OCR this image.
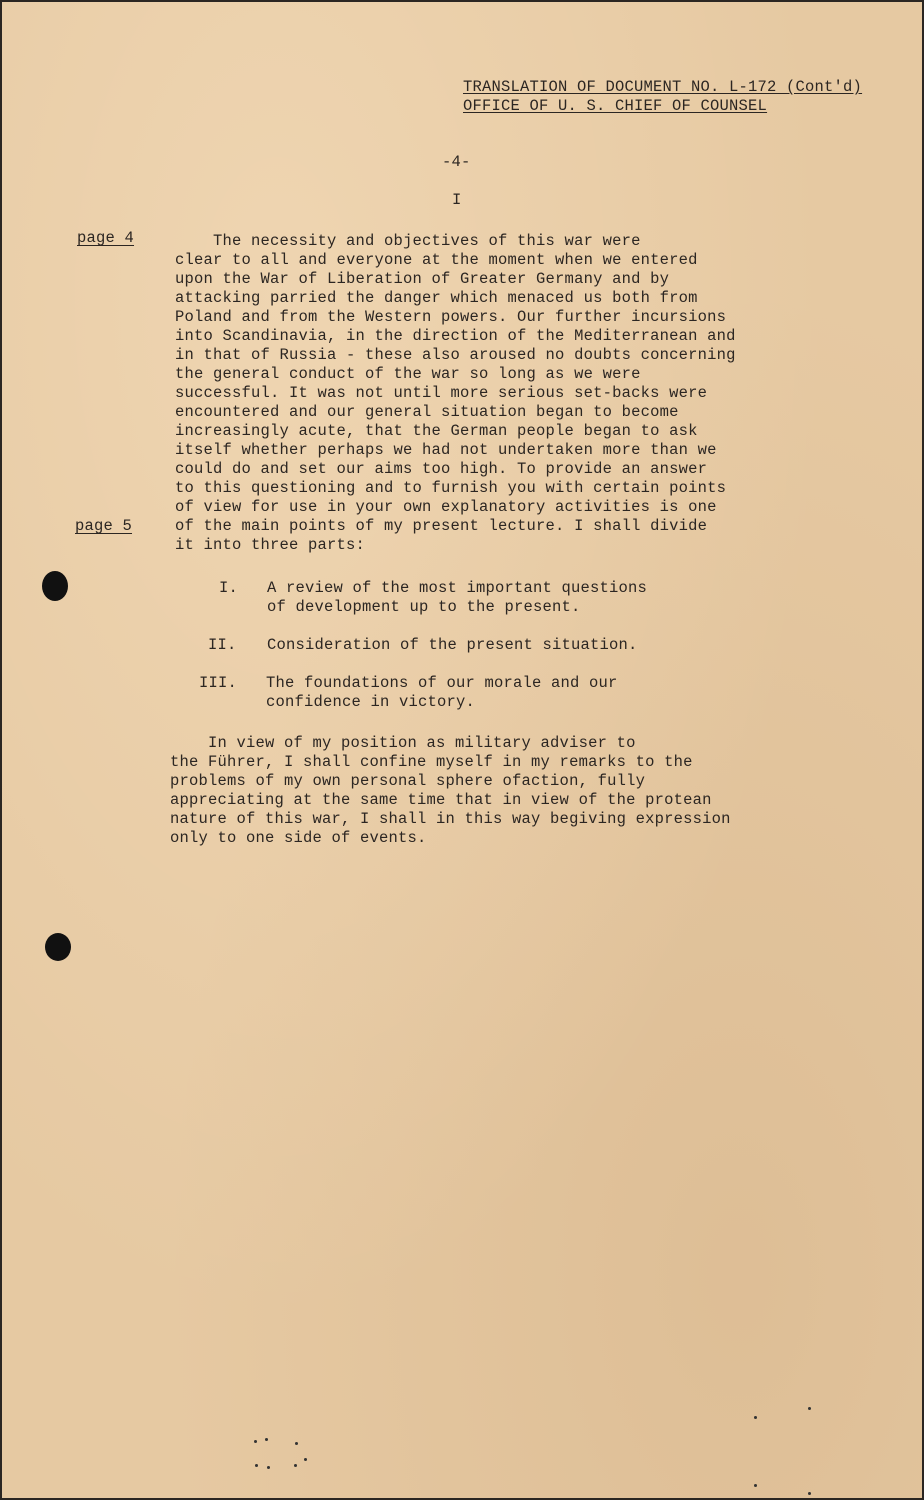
TRANSLATION OF DOCUMENT NO. L-172 (Cont'd)
OFFICE OF U. S. CHIEF OF COUNSEL
-4-
I
page 4
page 5
The necessity and objectives of this war were
clear to all and everyone at the moment when we entered
upon the War of Liberation of Greater Germany and by
attacking parried the danger which menaced us both from
Poland and from the Western powers. Our further incursions
into Scandinavia, in the direction of the Mediterranean and
in that of Russia - these also aroused no doubts concerning
the general conduct of the war so long as we were
successful. It was not until more serious set-backs were
encountered and our general situation began to become
increasingly acute, that the German people began to ask
itself whether perhaps we had not undertaken more than we
could do and set our aims too high. To provide an answer
to this questioning and to furnish you with certain points
of view for use in your own explanatory activities is one
of the main points of my present lecture. I shall divide
it into three parts:
I. A review of the most important questions
of development up to the present.
II. Consideration of the present situation.
III. The foundations of our morale and our
confidence in victory.
In view of my position as military adviser to
the Führer, I shall confine myself in my remarks to the
problems of my own personal sphere ofaction, fully
appreciating at the same time that in view of the protean
nature of this war, I shall in this way begiving expression
only to one side of events.
